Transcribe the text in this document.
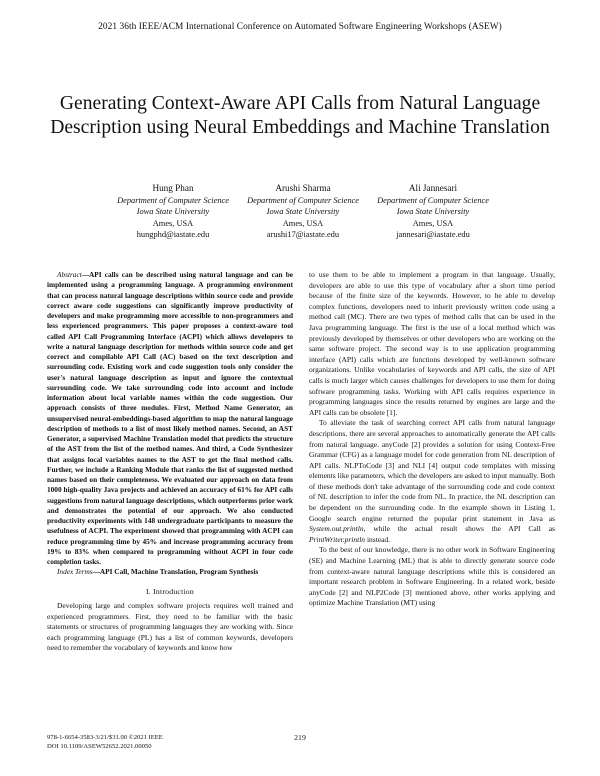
2021 36th IEEE/ACM International Conference on Automated Software Engineering Workshops (ASEW)
Generating Context-Aware API Calls from Natural Language Description using Neural Embeddings and Machine Translation
Hung Phan
Department of Computer Science
Iowa State University
Ames, USA
hungphd@iastate.edu
Arushi Sharma
Department of Computer Science
Iowa State University
Ames, USA
arushi17@iastate.edu
Ali Jannesari
Department of Computer Science
Iowa State University
Ames, USA
jannesari@iastate.edu

Abstract—API calls can be described using natural language and can be implemented using a programming language. A programming environment that can process natural language descriptions within source code and provide correct aware code suggestions can significantly improve productivity of developers and make programming more accessible to non-programmers and less experienced programmers. This paper proposes a context-aware tool called API Call Programming Interface (ACPI) which allows developers to write a natural language description for methods within source code and get correct and compilable API Call (AC) based on the text description and surrounding code. Existing work and code suggestion tools only consider the user's natural language description as input and ignore the contextual surrounding code. We take surrounding code into account and include information about local variable names within the code suggestion. Our approach consists of three modules. First, Method Name Generator, an unsupervised neural-embeddings-based algorithm to map the natural language description of methods to a list of most likely method names. Second, an AST Generator, a supervised Machine Translation model that predicts the structure of the AST from the list of the method names. And third, a Code Synthesizer that assigns local variables names to the AST to get the final method calls. Further, we include a Ranking Module that ranks the list of suggested method names based on their completeness. We evaluated our approach on data from 1000 high-quality Java projects and achieved an accuracy of 61% for API calls suggestions from natural language descriptions, which outperforms prior work and demonstrates the potential of our approach. We also conducted productivity experiments with 148 undergraduate participants to measure the usefulness of ACPI. The experiment showed that programming with ACPI can reduce programming time by 45% and increase programming accuracy from 19% to 83% when compared to programming without ACPI in four code completion tasks.

Index Terms—API Call, Machine Translation, Program Synthesis

I. Introduction

Developing large and complex software projects requires well trained and experienced programmers. First, they need to be familiar with the basic statements or structures of programming languages they are working with. Since each programming language (PL) has a list of common keywords, developers need to remember the vocabulary of keywords and know how

to use them to be able to implement a program in that language. Usually, developers are able to use this type of vocabulary after a short time period because of the finite size of the keywords. However, to be able to develop complex functions, developers need to inherit previously written code using a method call (MC). There are two types of method calls that can be used in the Java programming language. The first is the use of a local method which was previously developed by themselves or other developers who are working on the same software project. The second way is to use application programming interface (API) calls which are functions developed by well-known software organizations. Unlike vocabularies of keywords and API calls, the size of API calls is much larger which causes challenges for developers to use them for doing software programming tasks. Working with API calls requires experience in programming languages since the results returned by engines are large and the API calls can be obsolete [1].

To alleviate the task of searching correct API calls from natural language descriptions, there are several approaches to automatically generate the API calls from natural language. anyCode [2] provides a solution for using Context-Free Grammar (CFG) as a language model for code generation from NL description of API calls. NLPToCode [3] and NLI [4] output code templates with missing elements like parameters, which the developers are asked to input manually. Both of these methods don't take advantage of the surrounding code and code context of NL description to infer the code from NL. In practice, the NL description can be dependent on the surrounding code. In the example shown in Listing 1, Google search engine returned the popular print statement in Java as System.out.println, while the actual result shows the API Call as PrintWriter.println instead.

To the best of our knowledge, there is no other work in Software Engineering (SE) and Machine Learning (ML) that is able to directly generate source code from context-aware natural language descriptions while this is considered an important research problem in Software Engineering. In a related work, beside anyCode [2] and NLP2Code [3] mentioned above, other works applying and optimize Machine Translation (MT) using

978-1-6654-3583-3/21/$31.00 ©2021 IEEE
DOI 10.1109/ASEW52652.2021.00050
219
